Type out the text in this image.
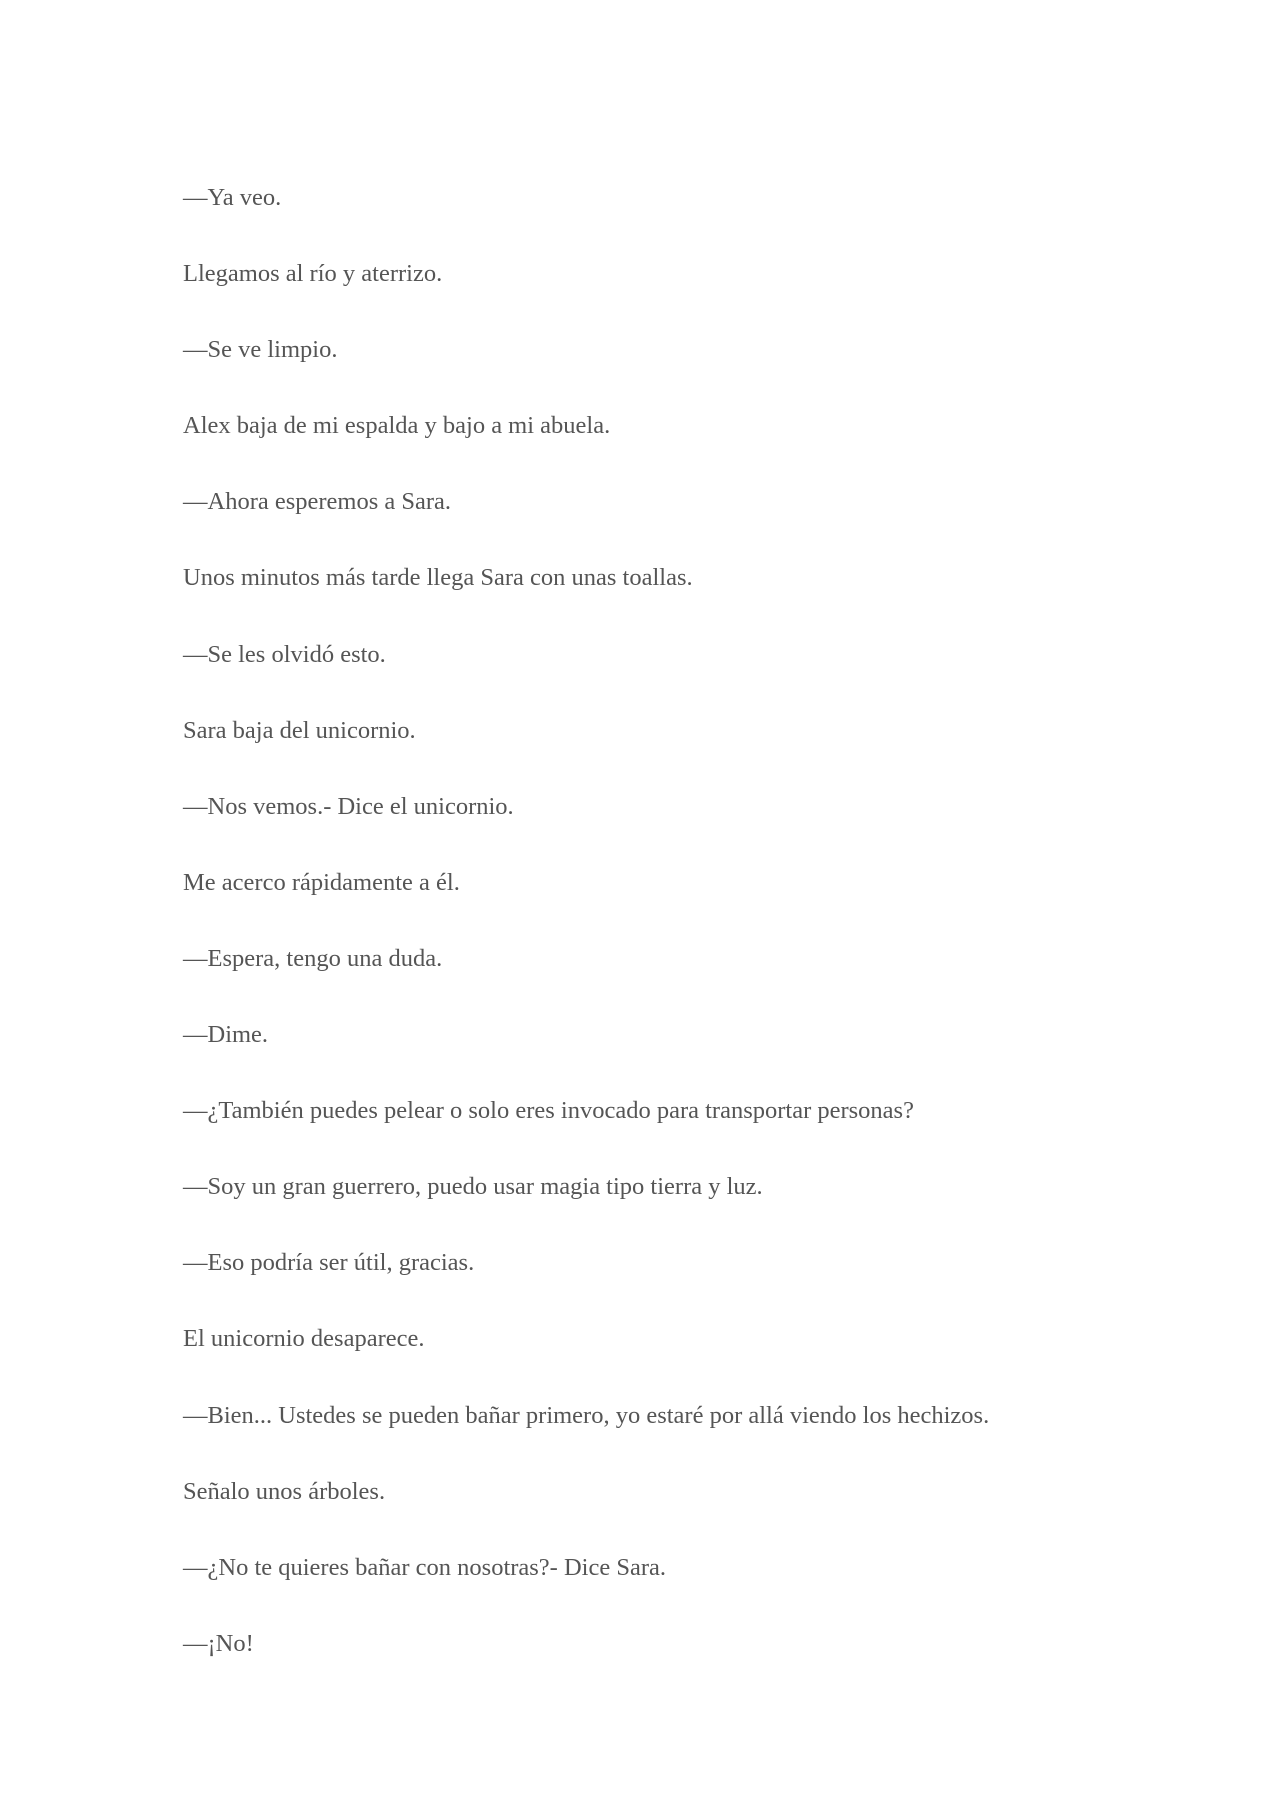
—Ya veo.

Llegamos al río y aterrizo.

—Se ve limpio.

Alex baja de mi espalda y bajo a mi abuela.

—Ahora esperemos a Sara.

Unos minutos más tarde llega Sara con unas toallas.

—Se les olvidó esto.

Sara baja del unicornio.

—Nos vemos.- Dice el unicornio.

Me acerco rápidamente a él.

—Espera, tengo una duda.

—Dime.

—¿También puedes pelear o solo eres invocado para transportar personas?

—Soy un gran guerrero, puedo usar magia tipo tierra y luz.

—Eso podría ser útil, gracias.

El unicornio desaparece.

—Bien... Ustedes se pueden bañar primero, yo estaré por allá viendo los hechizos.

Señalo unos árboles.

—¿No te quieres bañar con nosotras?- Dice Sara.

—¡No!
